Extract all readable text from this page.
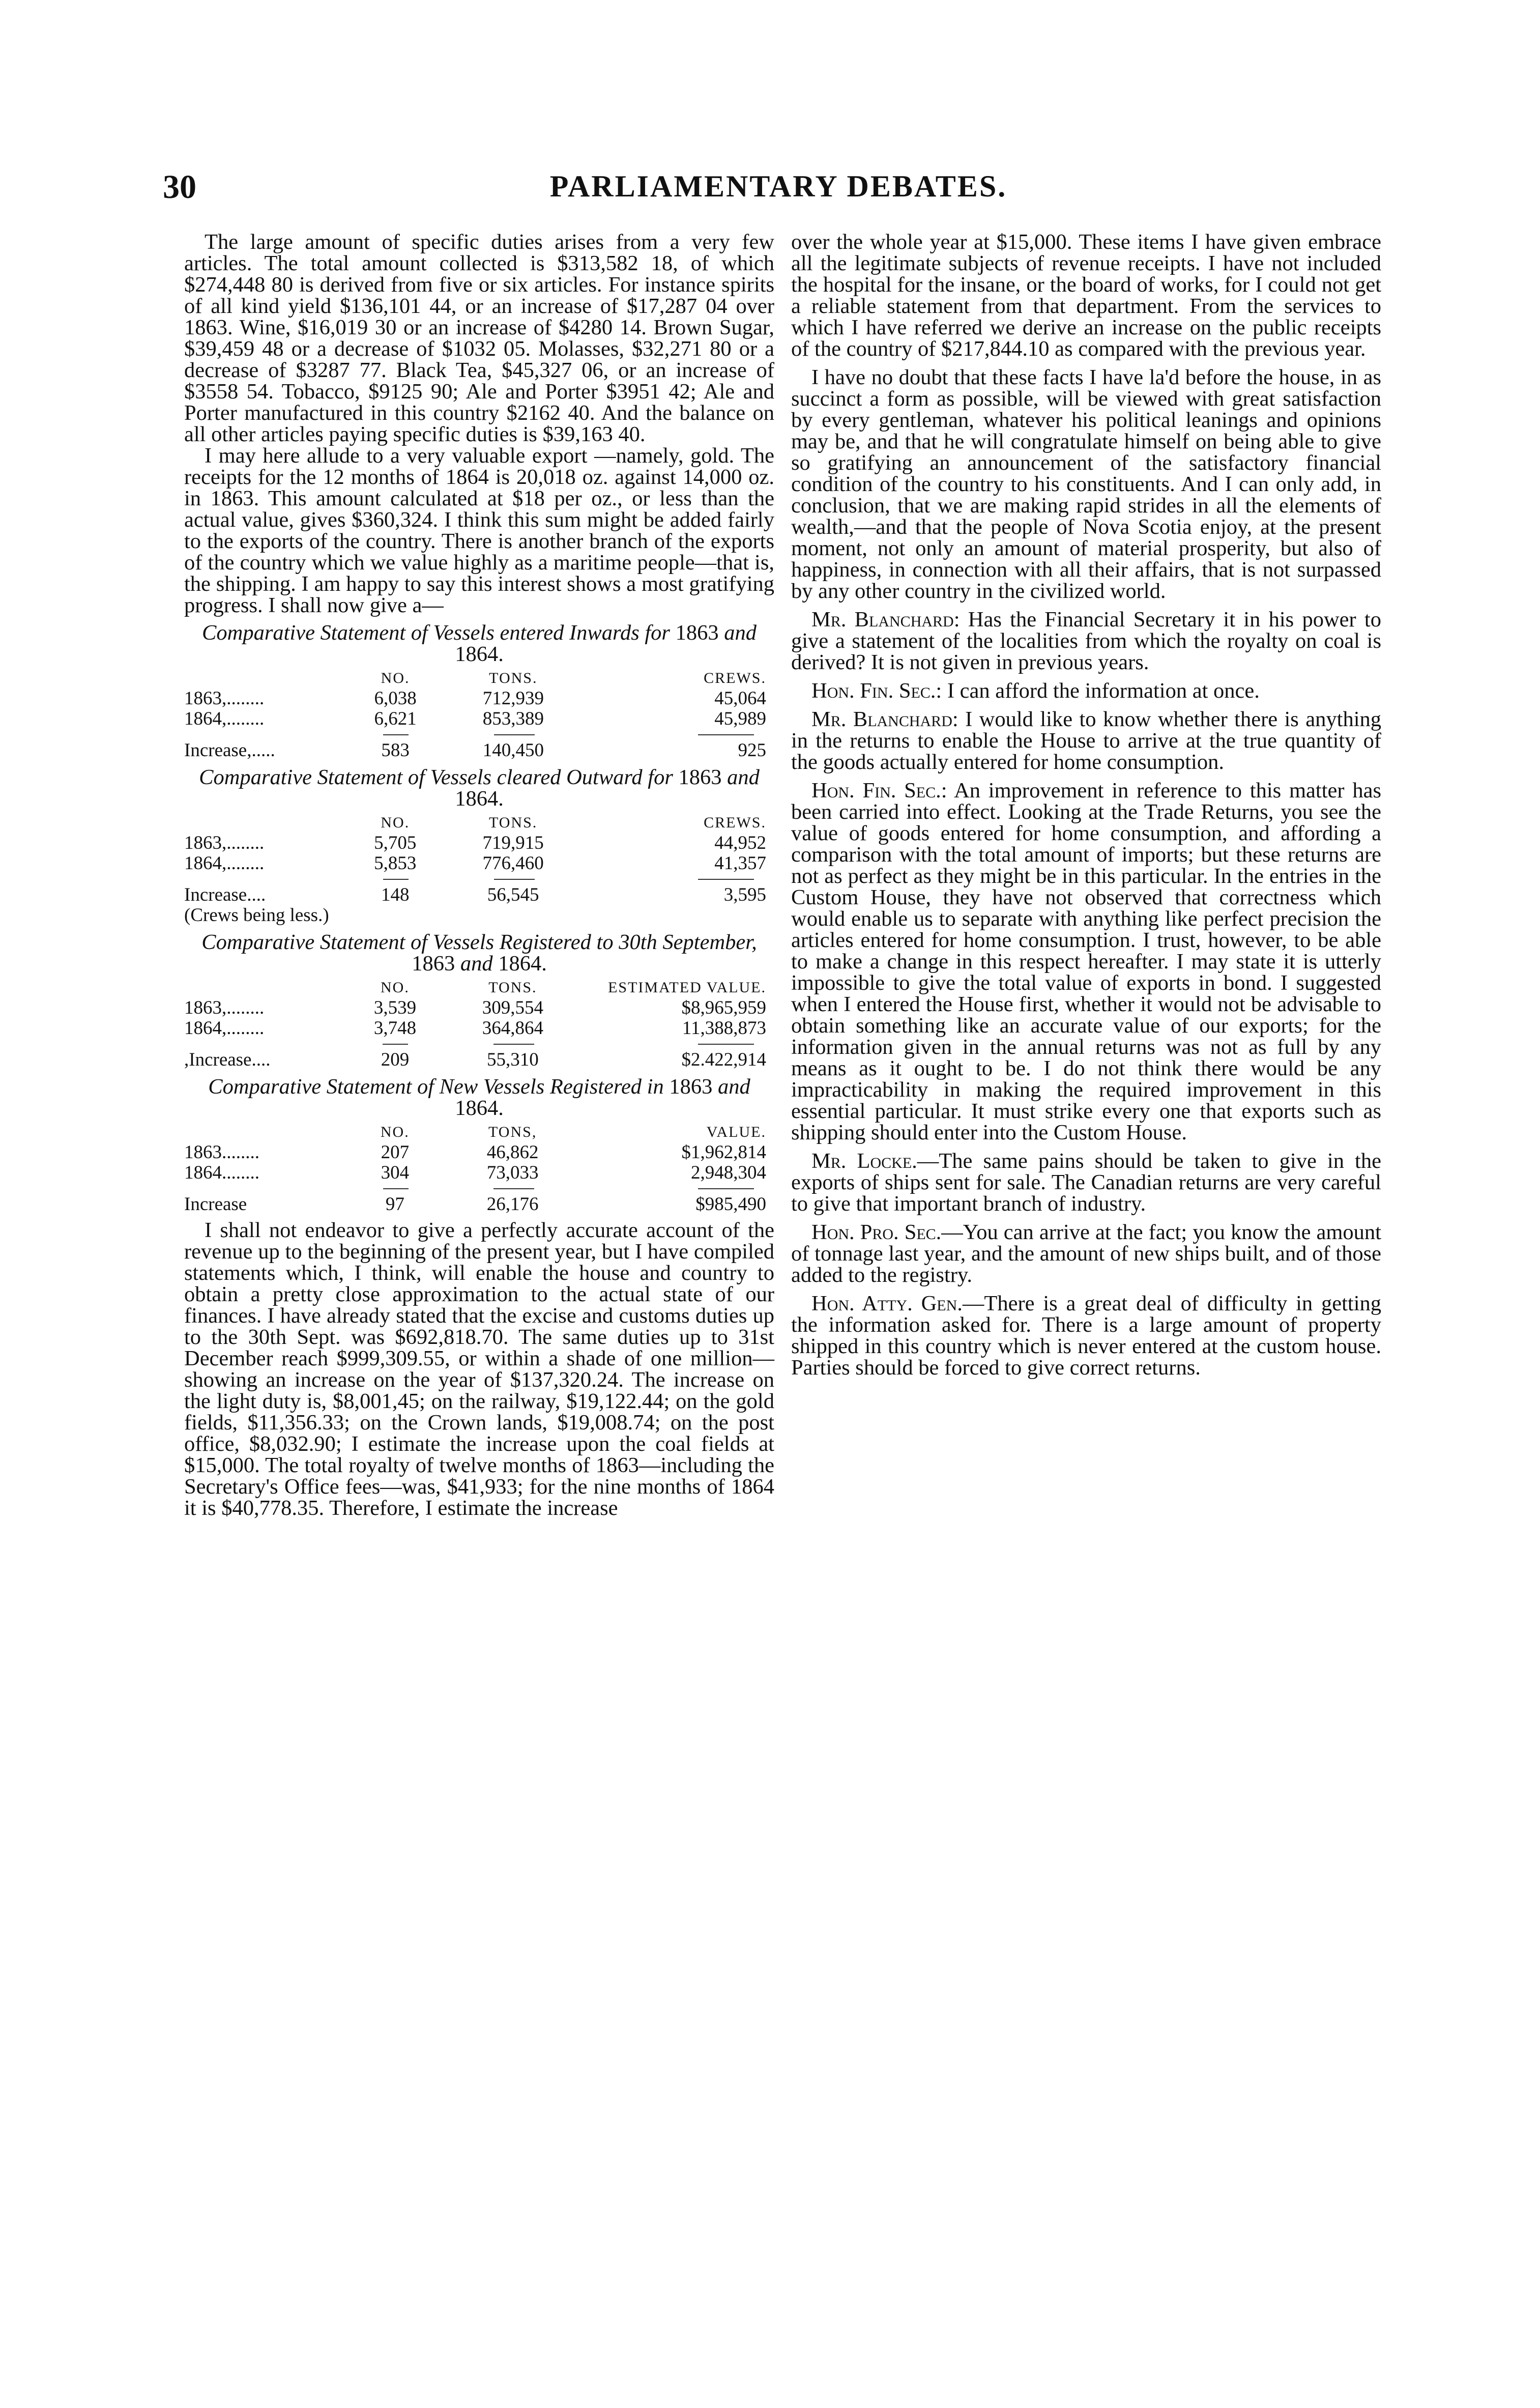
30	PARLIAMENTARY DEBATES.

The large amount of specific duties arises from a very few articles. The total amount collected is $313,582 18, of which $274,448 80 is derived from five or six articles. For instance spirits of all kind yield $136,101 44, or an increase of $17,287 04 over 1863. Wine, $16,019 30 or an increase of $4280 14. Brown Sugar, $39,459 48 or a decrease of $1032 05. Molasses, $32,271 80 or a decrease of $3287 77. Black Tea, $45,327 06, or an increase of $3558 54. Tobacco, $9125 90; Ale and Porter $3951 42; Ale and Porter manufactured in this country $2162 40. And the balance on all other articles paying specific duties is $39,163 40.

I may here allude to a very valuable export —namely, gold. The receipts for the 12 months of 1864 is 20,018 oz. against 14,000 oz. in 1863. This amount calculated at $18 per oz., or less than the actual value, gives $360,324. I think this sum might be added fairly to the exports of the country. There is another branch of the exports of the country which we value highly as a maritime people—that is, the shipping. I am happy to say this interest shows a most gratifying progress. I shall now give a—

Comparative Statement of Vessels entered Inwards for 1863 and 1864.
	NO.	TONS.	CREWS.
1863,........	6,038	712,939	45,064
1864,........	6,621	853,389	45,989

Increase,.....	583	140,450	925
Comparative Statement of Vessels cleared Outward for 1863 and 1864.
	NO.	TONS.	CREWS.
1863,........	5,705	719,915	44,952
1864,........	5,853	776,460	41,357

Increase....	148	56,545	3,595
(Crews being less.)
Comparative Statement of Vessels Registered to 30th September, 1863 and 1864.
	NO.	TONS.	ESTIMATED VALUE.
1863,........	3,539	309,554	$8,965,959
1864,........	3,748	364,864	11,388,873

,Increase....	209	55,310	$2.422,914
Comparative Statement of New Vessels Registered in 1863 and 1864.
	NO.	TONS,	VALUE.
1863........	207	46,862	$1,962,814
1864........	304	73,033	2,948,304

Increase	97	26,176	$985,490

I shall not endeavor to give a perfectly accurate account of the revenue up to the beginning of the present year, but I have compiled statements which, I think, will enable the house and country to obtain a pretty close approximation to the actual state of our finances. I have already stated that the excise and customs duties up to the 30th Sept. was $692,818.70. The same duties up to 31st December reach $999,309.55, or within a shade of one million—showing an increase on the year of $137,320.24. The increase on the light duty is, $8,001,45; on the railway, $19,122.44; on the gold fields, $11,356.33; on the Crown lands, $19,008.74; on the post office, $8,032.90; I estimate the increase upon the coal fields at $15,000. The total royalty of twelve months of 1863—including the Secretary's Office fees—was, $41,933; for the nine months of 1864 it is $40,778.35. Therefore, I estimate the increase

over the whole year at $15,000. These items I have given embrace all the legitimate subjects of revenue receipts. I have not included the hospital for the insane, or the board of works, for I could not get a reliable statement from that department. From the services to which I have referred we derive an increase on the public receipts of the country of $217,844.10 as compared with the previous year.

I have no doubt that these facts I have la'd before the house, in as succinct a form as possible, will be viewed with great satisfaction by every gentleman, whatever his political leanings and opinions may be, and that he will congratulate himself on being able to give so gratifying an announcement of the satisfactory financial condition of the country to his constituents. And I can only add, in conclusion, that we are making rapid strides in all the elements of wealth,—and that the people of Nova Scotia enjoy, at the present moment, not only an amount of material prosperity, but also of happiness, in connection with all their affairs, that is not surpassed by any other country in the civilized world.

Mr. Blanchard: Has the Financial Secretary it in his power to give a statement of the localities from which the royalty on coal is derived? It is not given in previous years.

Hon. Fin. Sec.: I can afford the information at once.

Mr. Blanchard: I would like to know whether there is anything in the returns to enable the House to arrive at the true quantity of the goods actually entered for home consumption.

Hon. Fin. Sec.: An improvement in reference to this matter has been carried into effect. Looking at the Trade Returns, you see the value of goods entered for home consumption, and affording a comparison with the total amount of imports; but these returns are not as perfect as they might be in this particular. In the entries in the Custom House, they have not observed that correctness which would enable us to separate with anything like perfect precision the articles entered for home consumption. I trust, however, to be able to make a change in this respect hereafter. I may state it is utterly impossible to give the total value of exports in bond. I suggested when I entered the House first, whether it would not be advisable to obtain something like an accurate value of our exports; for the information given in the annual returns was not as full by any means as it ought to be. I do not think there would be any impracticability in making the required improvement in this essential particular. It must strike every one that exports such as shipping should enter into the Custom House.

Mr. Locke.—The same pains should be taken to give in the exports of ships sent for sale. The Canadian returns are very careful to give that important branch of industry.

Hon. Pro. Sec.—You can arrive at the fact; you know the amount of tonnage last year, and the amount of new ships built, and of those added to the registry.

Hon. Atty. Gen.—There is a great deal of difficulty in getting the information asked for. There is a large amount of property shipped in this country which is never entered at the custom house. Parties should be forced to give correct returns.
